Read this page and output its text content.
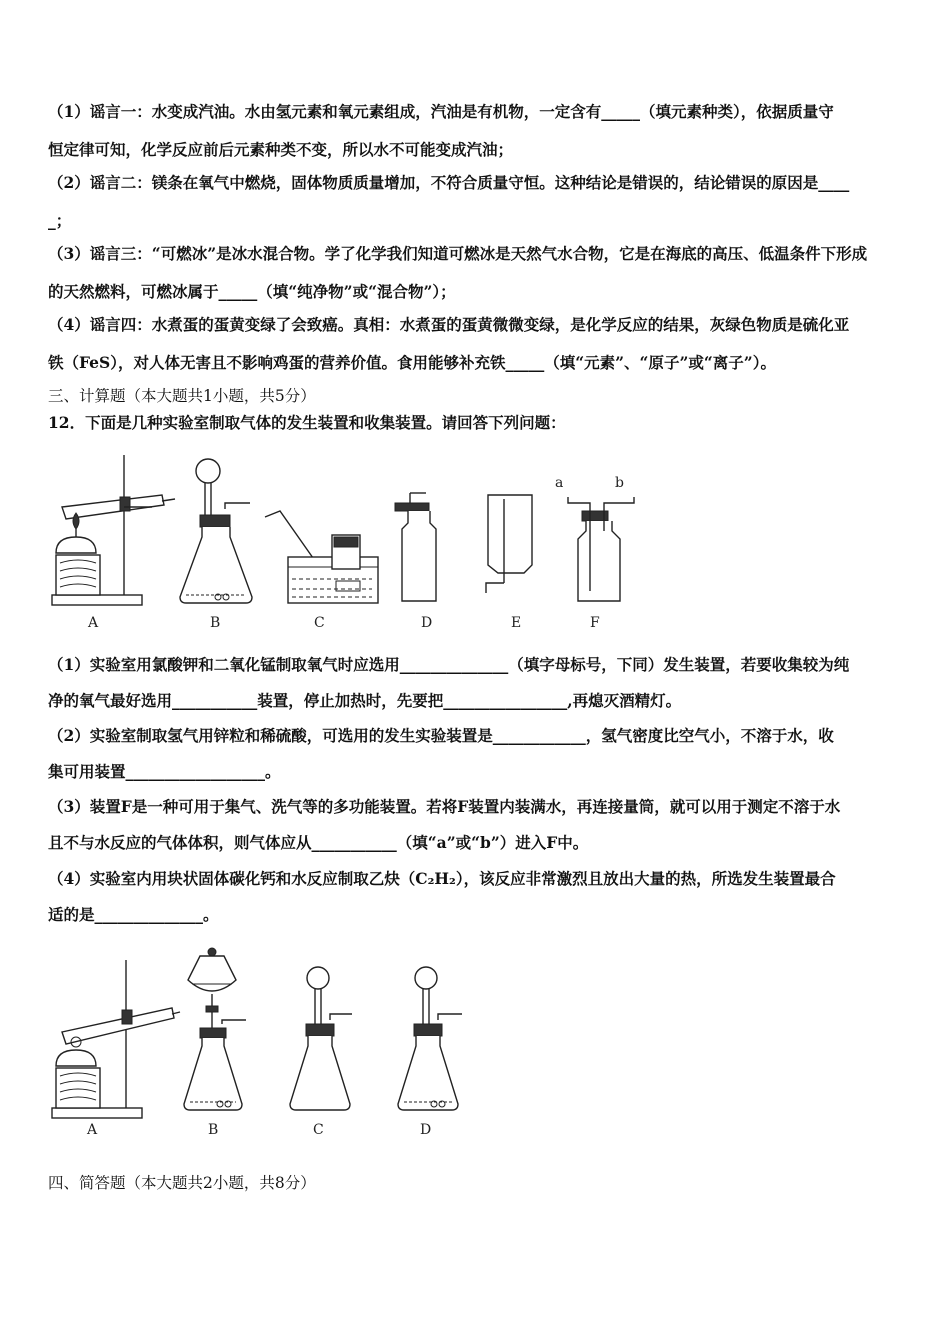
（1）谣言一：水变成汽油。水由氢元素和氧元素组成，汽油是有机物，一定含有_____（填元素种类），依据质量守
恒定律可知，化学反应前后元素种类不变，所以水不可能变成汽油；
（2）谣言二：镁条在氧气中燃烧，固体物质质量增加，不符合质量守恒。这种结论是错误的，结论错误的原因是____
_；
（3）谣言三：“可燃冰”是冰水混合物。学了化学我们知道可燃冰是天然气水合物，它是在海底的高压、低温条件下形成
的天然燃料，可燃冰属于_____（填“纯净物”或“混合物”）；
（4）谣言四：水煮蛋的蛋黄变绿了会致癌。真相：水煮蛋的蛋黄微微变绿，是化学反应的结果，灰绿色物质是硫化亚
铁（FeS），对人体无害且不影响鸡蛋的营养价值。食用能够补充铁_____（填“元素”、“原子”或“离子”）。
三、计算题（本大题共1小题，共5分）
12．下面是几种实验室制取气体的发生装置和收集装置。请回答下列问题：
a	b
A	B	C	D	E	F
（1）实验室用氯酸钾和二氧化锰制取氧气时应选用______________（填字母标号，下同）发生装置，若要收集较为纯
净的氧气最好选用___________装置，停止加热时，先要把________________,再熄灭酒精灯。
（2）实验室制取氢气用锌粒和稀硫酸，可选用的发生实验装置是____________，氢气密度比空气小，不溶于水，收
集可用装置__________________。
（3）装置F是一种可用于集气、洗气等的多功能装置。若将F装置内装满水，再连接量筒，就可以用于测定不溶于水
且不与水反应的气体体积，则气体应从___________（填“a”或“b”）进入F中。
（4）实验室内用块状固体碳化钙和水反应制取乙炔（C₂H₂），该反应非常激烈且放出大量的热，所选发生装置最合
适的是______________。
A	B	C	D
四、简答题（本大题共2小题，共8分）
